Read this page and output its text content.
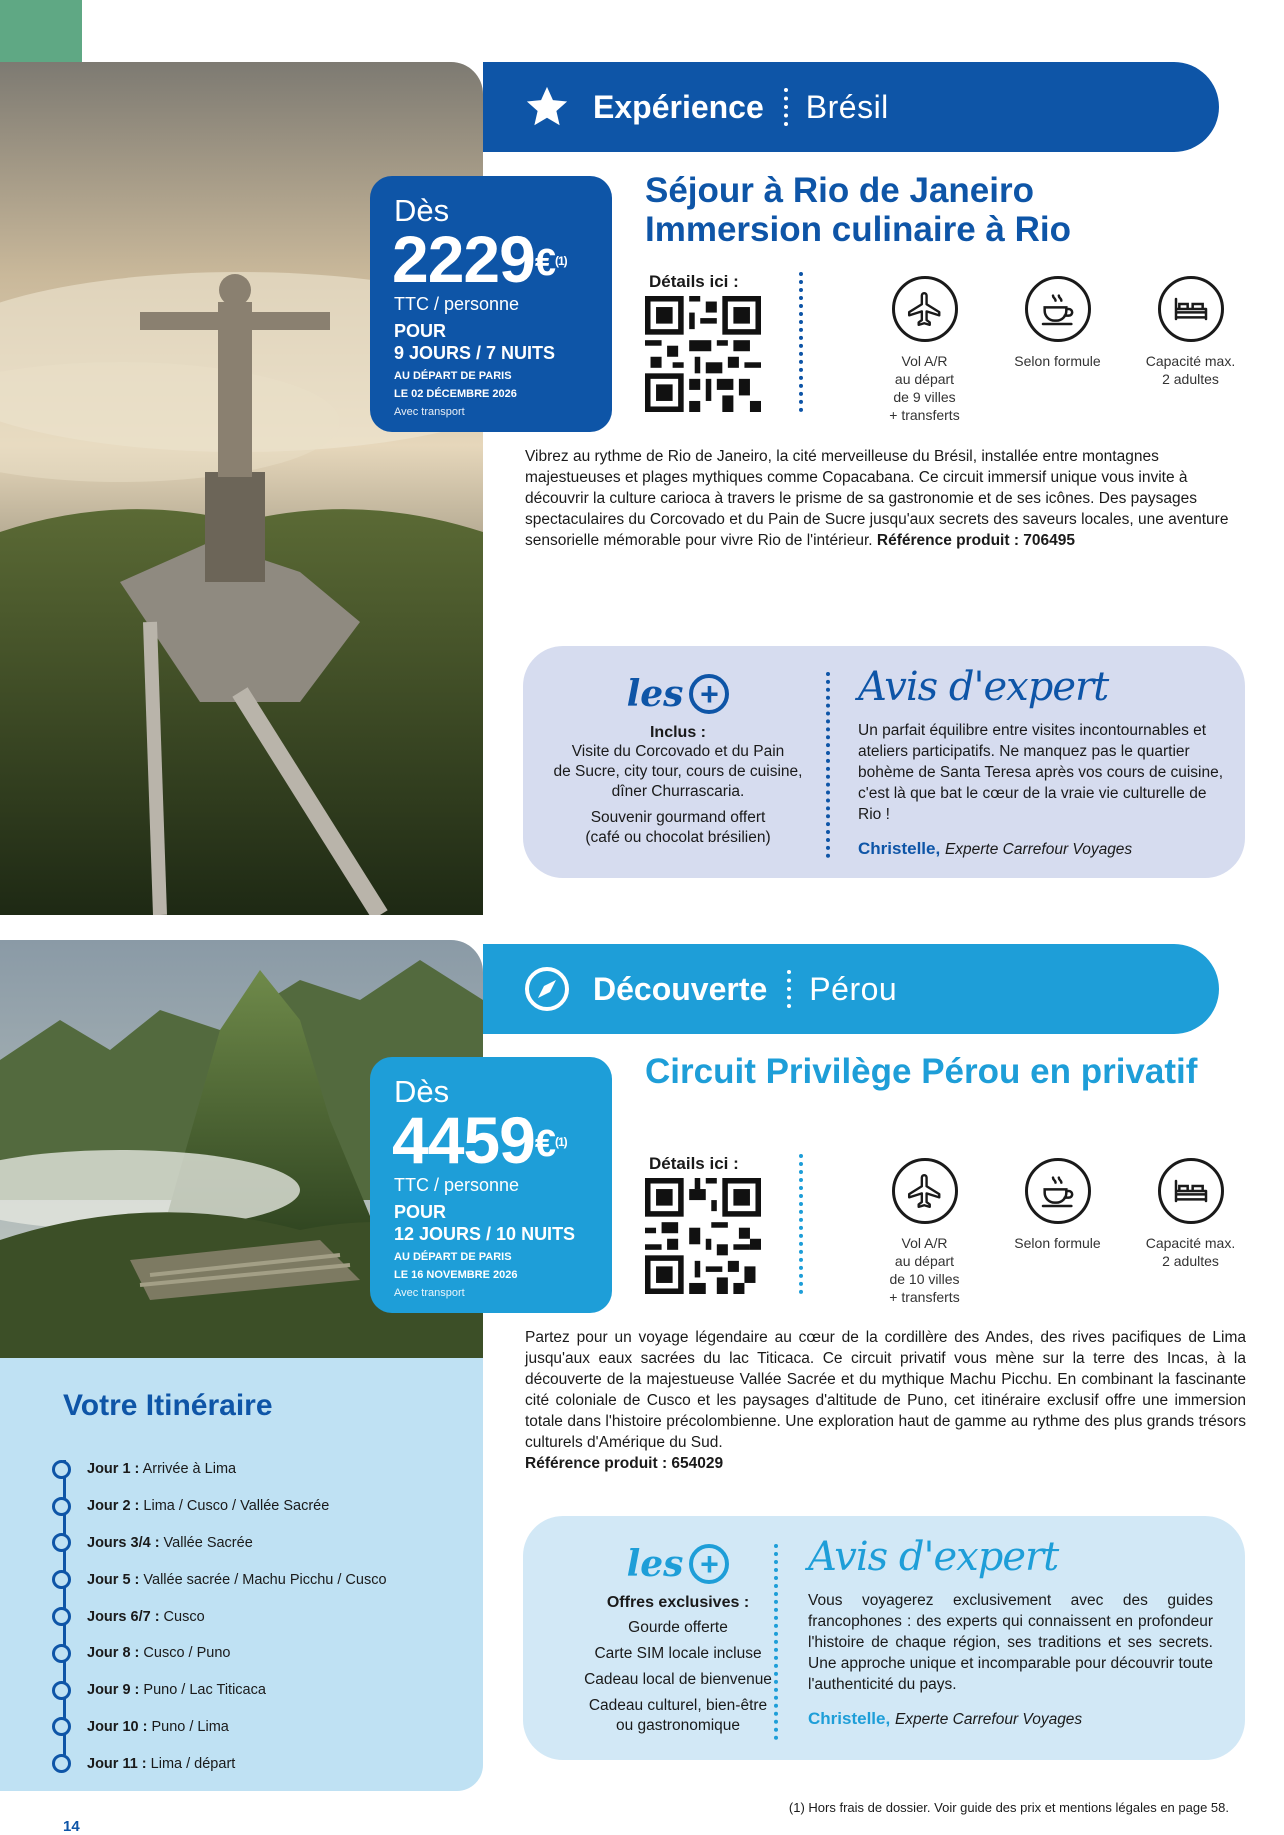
Expérience Brésil
Dès
2229$^{€(1)}$
TTC / personne
POUR
9 JOURS / 7 NUITS
AU DÉPART DE PARIS
LE 02 DÉCEMBRE 2026
Avec transport
Séjour à Rio de Janeiro
Immersion culinaire à Rio
Détails ici :
Vol A/R
au départ
de 9 villes
+ transferts
Selon formule	Capacité max.
2 adultes
Vibrez au rythme de Rio de Janeiro, la cité merveilleuse du Brésil, installée entre montagnes majestueuses et plages mythiques comme Copacabana. Ce circuit immersif unique vous invite à découvrir la culture carioca à travers le prisme de sa gastronomie et de ses icônes. Des paysages spectaculaires du Corcovado et du Pain de Sucre jusqu'aux secrets des saveurs locales, une aventure sensorielle mémorable pour vivre Rio de l'intérieur. Référence produit : 706495
les +
Inclus :
Visite du Corcovado et du Pain
de Sucre, city tour, cours de cuisine,
dîner Churrascaria.
Souvenir gourmand offert
(café ou chocolat brésilien)
Avis d'expert
Un parfait équilibre entre visites incontournables et ateliers participatifs. Ne manquez pas le quartier bohème de Santa Teresa après vos cours de cuisine, c'est là que bat le cœur de la vraie vie culturelle de Rio !
Christelle, Experte Carrefour Voyages
Découverte Pérou
Dès
4459$^{€(1)}$
TTC / personne
POUR
12 JOURS / 10 NUITS
AU DÉPART DE PARIS
LE 16 NOVEMBRE 2026
Avec transport
Circuit Privilège Pérou en privatif
Détails ici :
Vol A/R
au départ
de 10 villes
+ transferts
Selon formule	Capacité max.
2 adultes
Partez pour un voyage légendaire au cœur de la cordillère des Andes, des rives pacifiques de Lima jusqu'aux eaux sacrées du lac Titicaca. Ce circuit privatif vous mène sur la terre des Incas, à la découverte de la majestueuse Vallée Sacrée et du mythique Machu Picchu. En combinant la fascinante cité coloniale de Cusco et les paysages d'altitude de Puno, cet itinéraire exclusif offre une immersion totale dans l'histoire précolombienne. Une exploration haut de gamme au rythme des plus grands trésors culturels d'Amérique du Sud.
Référence produit : 654029
les +
Offres exclusives :
Gourde offerte
Carte SIM locale incluse
Cadeau local de bienvenue
Cadeau culturel, bien-être
ou gastronomique
Avis d'expert
Vous voyagerez exclusivement avec des guides francophones : des experts qui connaissent en profondeur l'histoire de chaque région, ses traditions et ses secrets. Une approche unique et incomparable pour découvrir toute l'authenticité du pays.
Christelle, Experte Carrefour Voyages
Votre Itinéraire
Jour 1 : Arrivée à Lima
Jour 2 : Lima / Cusco / Vallée Sacrée
Jours 3/4 : Vallée Sacrée
Jour 5 : Vallée sacrée / Machu Picchu / Cusco
Jours 6/7 : Cusco
Jour 8 : Cusco / Puno
Jour 9 : Puno / Lac Titicaca
Jour 10 : Puno / Lima
Jour 11 : Lima / départ
(1) Hors frais de dossier. Voir guide des prix et mentions légales en page 58.
14
